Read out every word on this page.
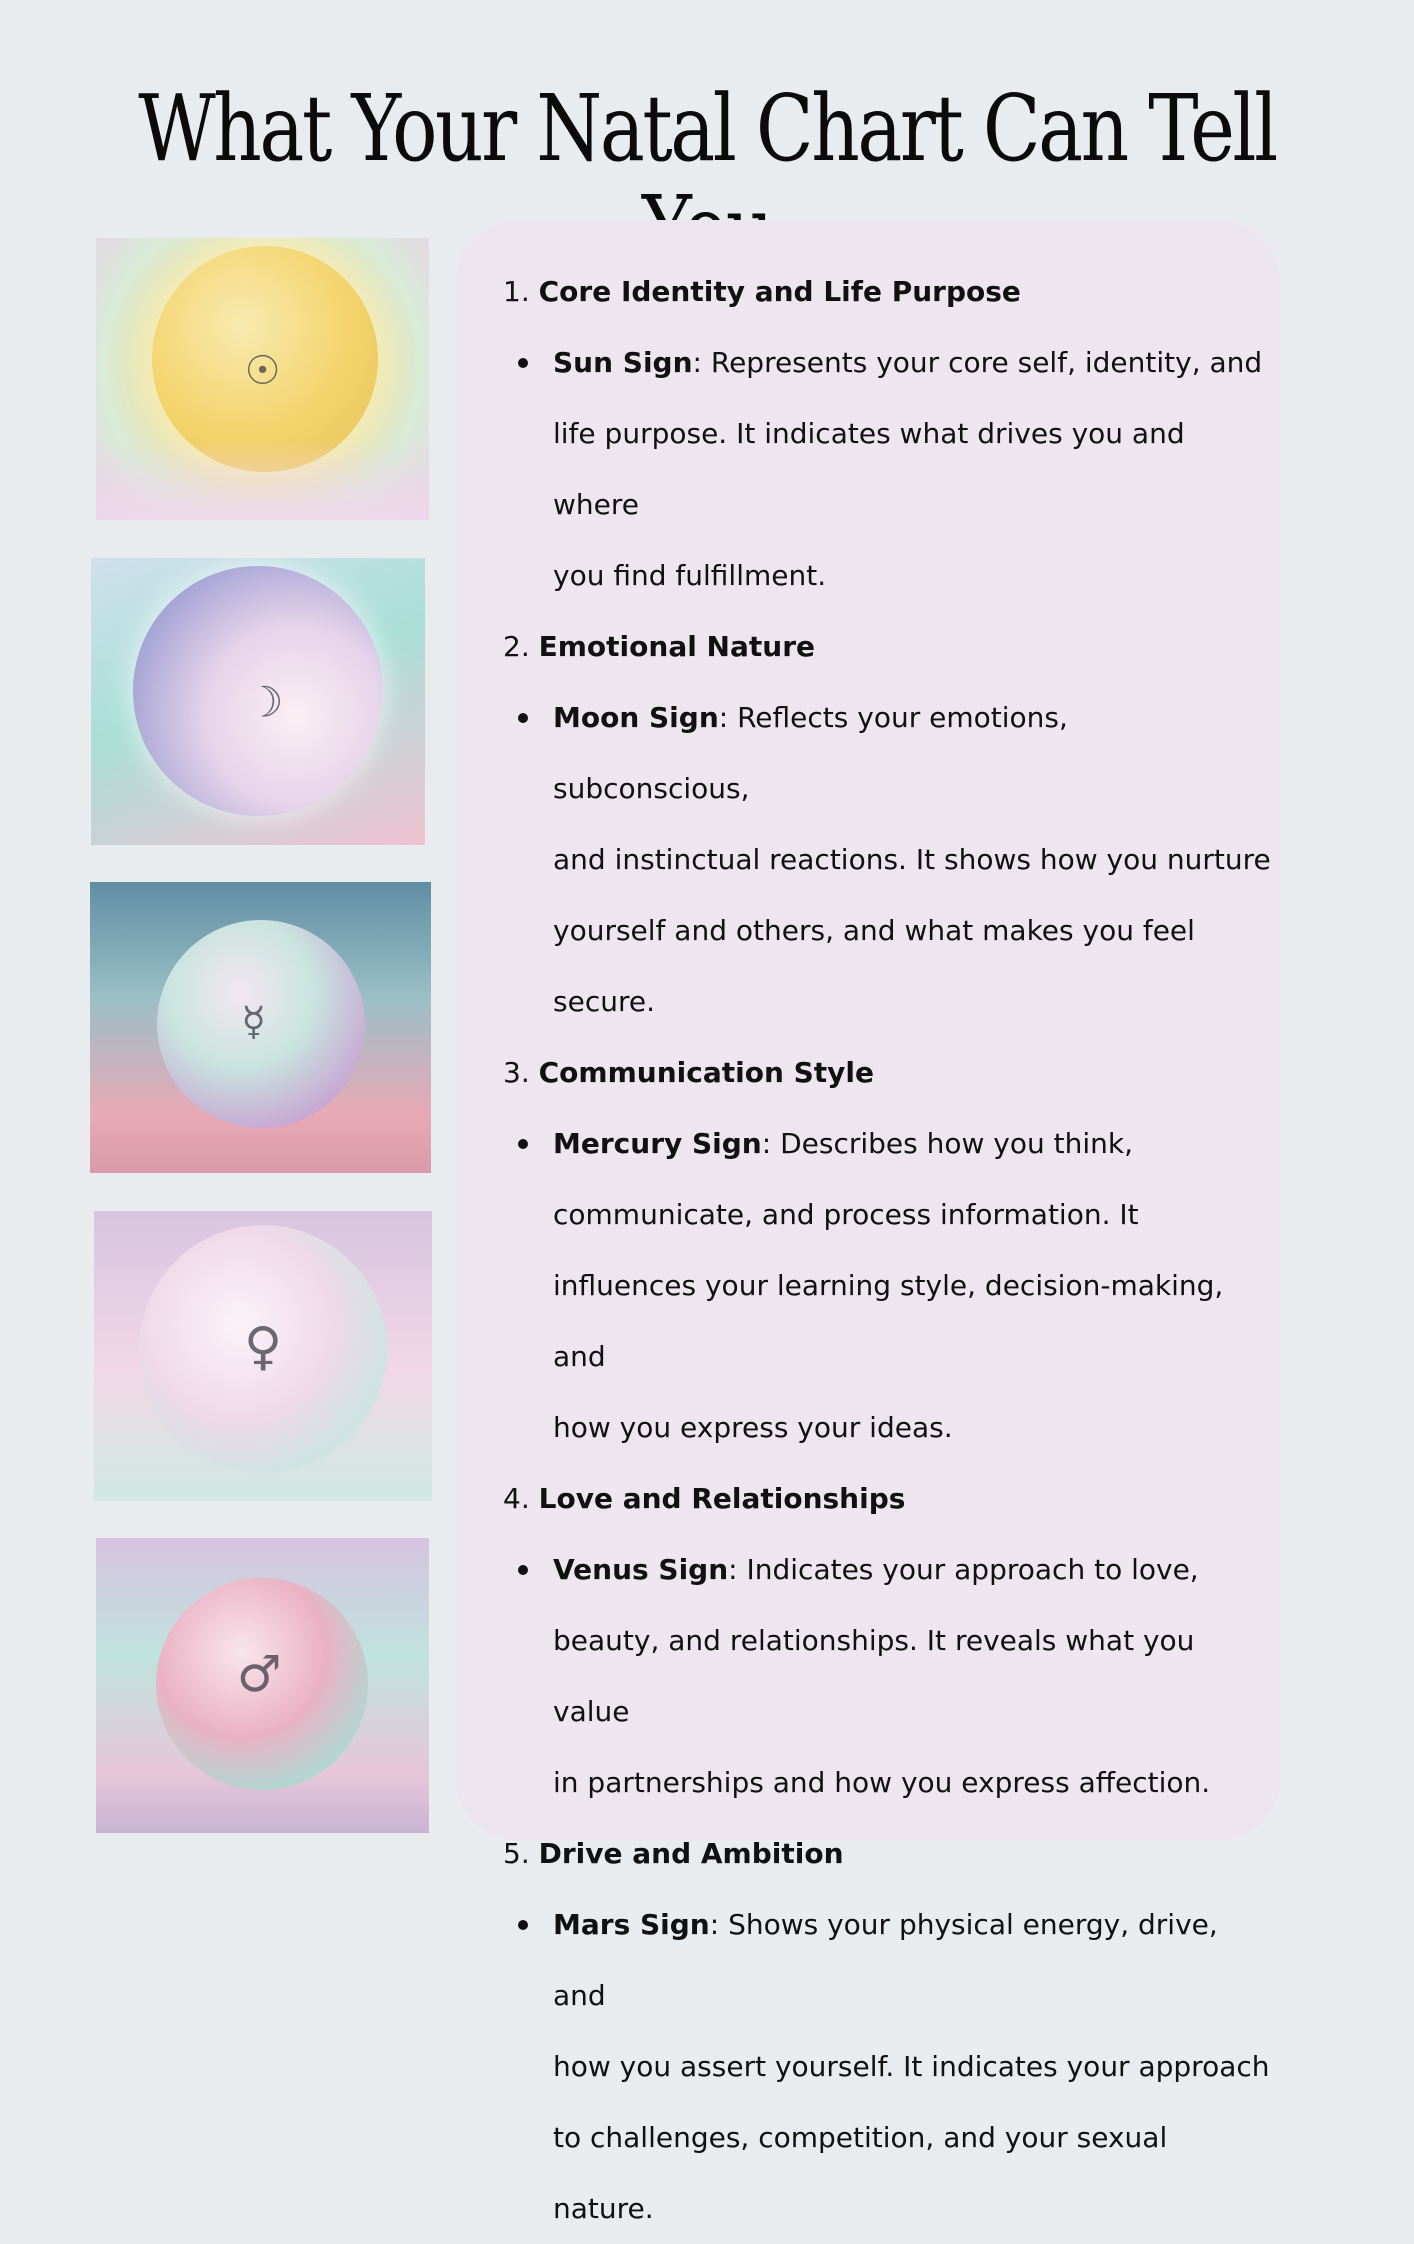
What Your Natal Chart Can Tell
☉
☽
☿
♀
♂

1. Core Identity and Life Purpose

Sun Sign: Represents your core self, identity, and
life purpose. It indicates what drives you and where
you find fulfillment.

2. Emotional Nature

Moon Sign: Reflects your emotions, subconscious,
and instinctual reactions. It shows how you nurture
yourself and others, and what makes you feel
secure.

3. Communication Style

Mercury Sign: Describes how you think,
communicate, and process information. It
influences your learning style, decision-making, and
how you express your ideas.

4. Love and Relationships

Venus Sign: Indicates your approach to love,
beauty, and relationships. It reveals what you value
in partnerships and how you express affection.

5. Drive and Ambition

Mars Sign: Shows your physical energy, drive, and
how you assert yourself. It indicates your approach
to challenges, competition, and your sexual nature.
